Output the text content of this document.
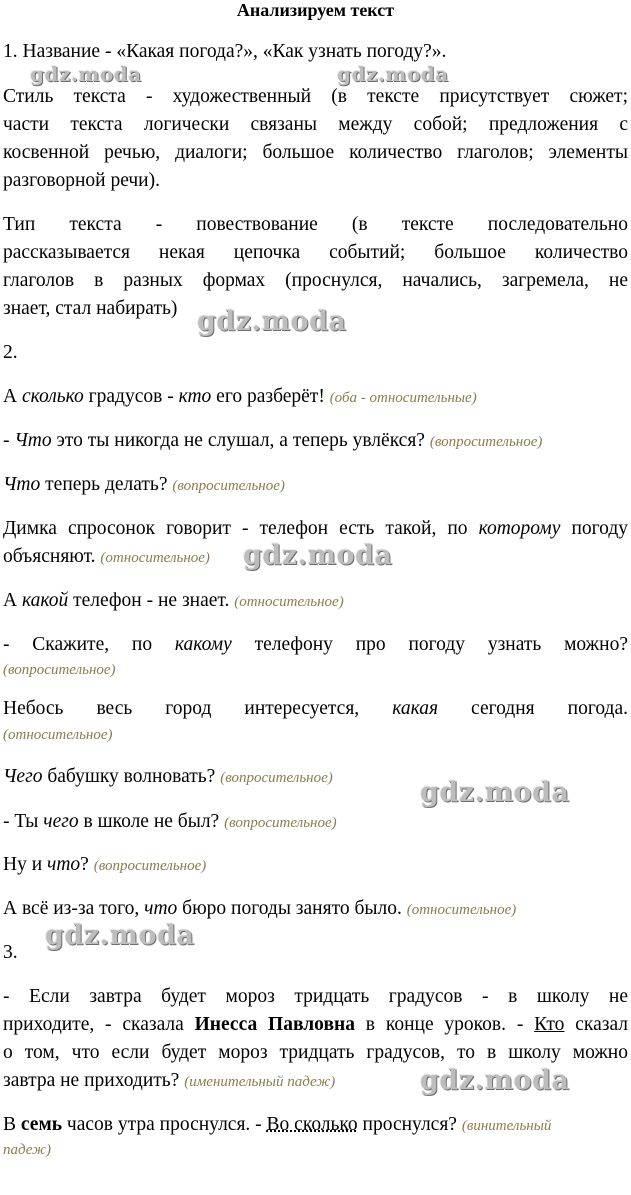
Анализируем текст

1. Название - «Какая погода?», «Как узнать погоду?».

Стиль текста - художественный (в тексте присутствует сюжет;

части текста логически связаны между собой; предложения с

косвенной речью, диалоги; большое количество глаголов; элементы

разговорной речи).

Тип текста - повествование (в тексте последовательно

рассказывается некая цепочка событий; большое количество

глаголов в разных формах (проснулся, начались, загремела, не

знает, стал набирать)

2.

А сколько градусов - кто его разберёт! (оба - относительные)

- Что это ты никогда не слушал, а теперь увлёкся? (вопросительное)

Что теперь делать? (вопросительное)

Димка спросонок говорит - телефон есть такой, по которому погоду

объясняют. (относительное)

А какой телефон - не знает. (относительное)

- Скажите, по какому телефону про погоду узнать можно?

(вопросительное)

Небось весь город интересуется, какая сегодня погода.

(относительное)

Чего бабушку волновать? (вопросительное)

- Ты чего в школе не был? (вопросительное)

Ну и что? (вопросительное)

А всё из-за того, что бюро погоды занято было. (относительное)

3.

- Если завтра будет мороз тридцать градусов - в школу не

приходите, - сказала Инесса Павловна в конце уроков. - Кто сказал

о том, что если будет мороз тридцать градусов, то в школу можно

завтра не приходить? (именительный падеж)

В семь часов утра проснулся. - Во сколько проснулся? (винительный

падеж)

gdz.moda	gdz.moda

gdz.moda

gdz.moda

gdz.moda

gdz.moda

gdz.moda
